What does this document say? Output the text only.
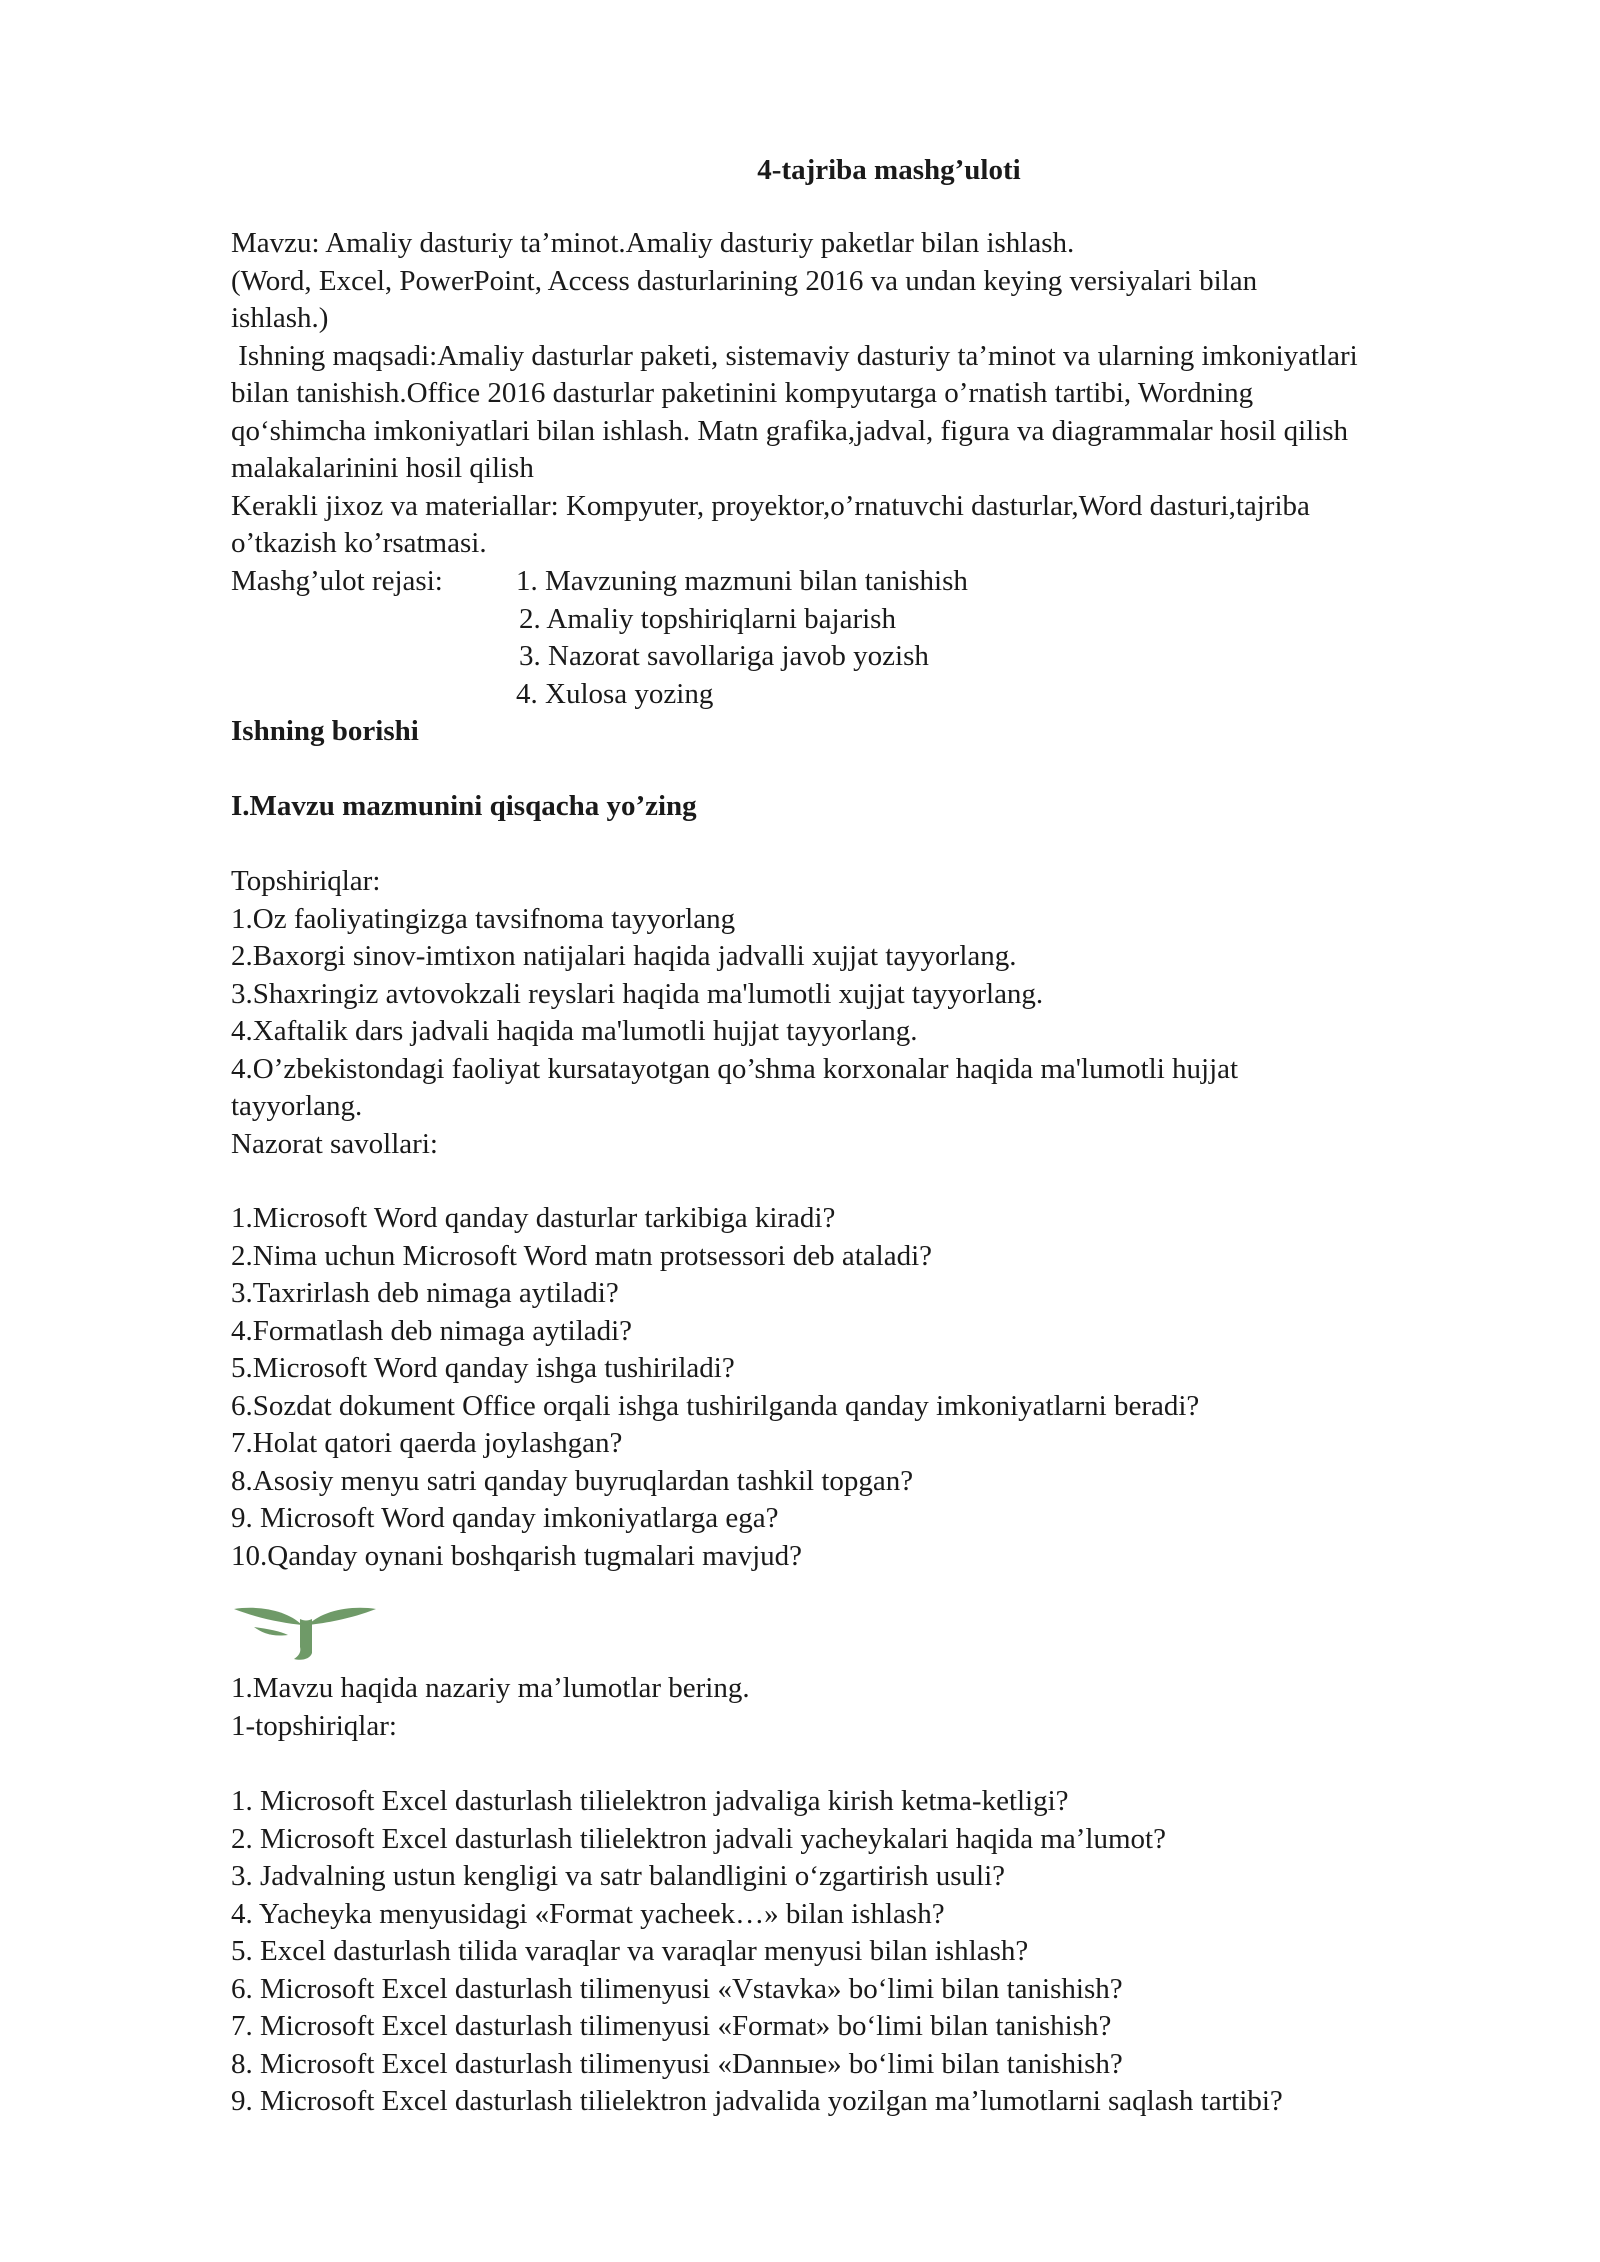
4-tajriba mashg’uloti

Mavzu: Amaliy dasturiy ta’minot.Amaliy dasturiy paketlar bilan ishlash.
(Word, Excel, PowerPoint, Access dasturlarining 2016 va undan keying versiyalari bilan
ishlash.)
Ishning maqsadi:Amaliy dasturlar paketi, sistemaviy dasturiy ta’minot va ularning imkoniyatlari
bilan tanishish.Office 2016 dasturlar paketinini kompyutarga o’rnatish tartibi, Wordning
qo‘shimcha imkoniyatlari bilan ishlash. Matn grafika,jadval, figura va diagrammalar hosil qilish
malakalarinini hosil qilish
Kerakli jixoz va materiallar: Kompyuter, proyektor,o’rnatuvchi dasturlar,Word dasturi,tajriba
o’tkazish ko’rsatmasi.
Mashg’ulot rejasi:	1. Mavzuning mazmuni bilan tanishish
2. Amaliy topshiriqlarni bajarish
3. Nazorat savollariga javob yozish
4. Xulosa yozing
Ishning borishi
I.Mavzu mazmunini qisqacha yo’zing
Topshiriqlar:
1.Oz faoliyatingizga tavsifnoma tayyorlang
2.Baxorgi sinov-imtixon natijalari haqida jadvalli xujjat tayyorlang.
3.Shaxringiz avtovokzali reyslari haqida ma'lumotli xujjat tayyorlang.
4.Xaftalik dars jadvali haqida ma'lumotli hujjat tayyorlang.
4.O’zbekistondagi faoliyat kursatayotgan qo’shma korxonalar haqida ma'lumotli hujjat
tayyorlang.
Nazorat savollari:
1.Microsoft Word qanday dasturlar tarkibiga kiradi?
2.Nima uchun Microsoft Word matn protsessori deb ataladi?
3.Taxrirlash deb nimaga aytiladi?
4.Formatlash deb nimaga aytiladi?
5.Microsoft Word qanday ishga tushiriladi?
6.Sozdat dokument Office orqali ishga tushirilganda qanday imkoniyatlarni beradi?
7.Holat qatori qaerda joylashgan?
8.Asosiy menyu satri qanday buyruqlardan tashkil topgan?
9. Microsoft Word qanday imkoniyatlarga ega?
10.Qanday oynani boshqarish tugmalari mavjud?
1.Mavzu haqida nazariy ma’lumotlar bering.
1-topshiriqlar:
1. Microsoft Excel dasturlash tilielektron jadvaliga kirish ketma-ketligi?
2. Microsoft Excel dasturlash tilielektron jadvali yacheykalari haqida ma’lumot?
3. Jadvalning ustun kengligi va satr balandligini o‘zgartirish usuli?
4. Yacheyka menyusidagi «Format yacheek…» bilan ishlash?
5. Excel dasturlash tilida varaqlar va varaqlar menyusi bilan ishlash?
6. Microsoft Excel dasturlash tilimenyusi «Vstavka» bo‘limi bilan tanishish?
7. Microsoft Excel dasturlash tilimenyusi «Format» bo‘limi bilan tanishish?
8. Microsoft Excel dasturlash tilimenyusi «Dannыe» bo‘limi bilan tanishish?
9. Microsoft Excel dasturlash tilielektron jadvalida yozilgan ma’lumotlarni saqlash tartibi?
